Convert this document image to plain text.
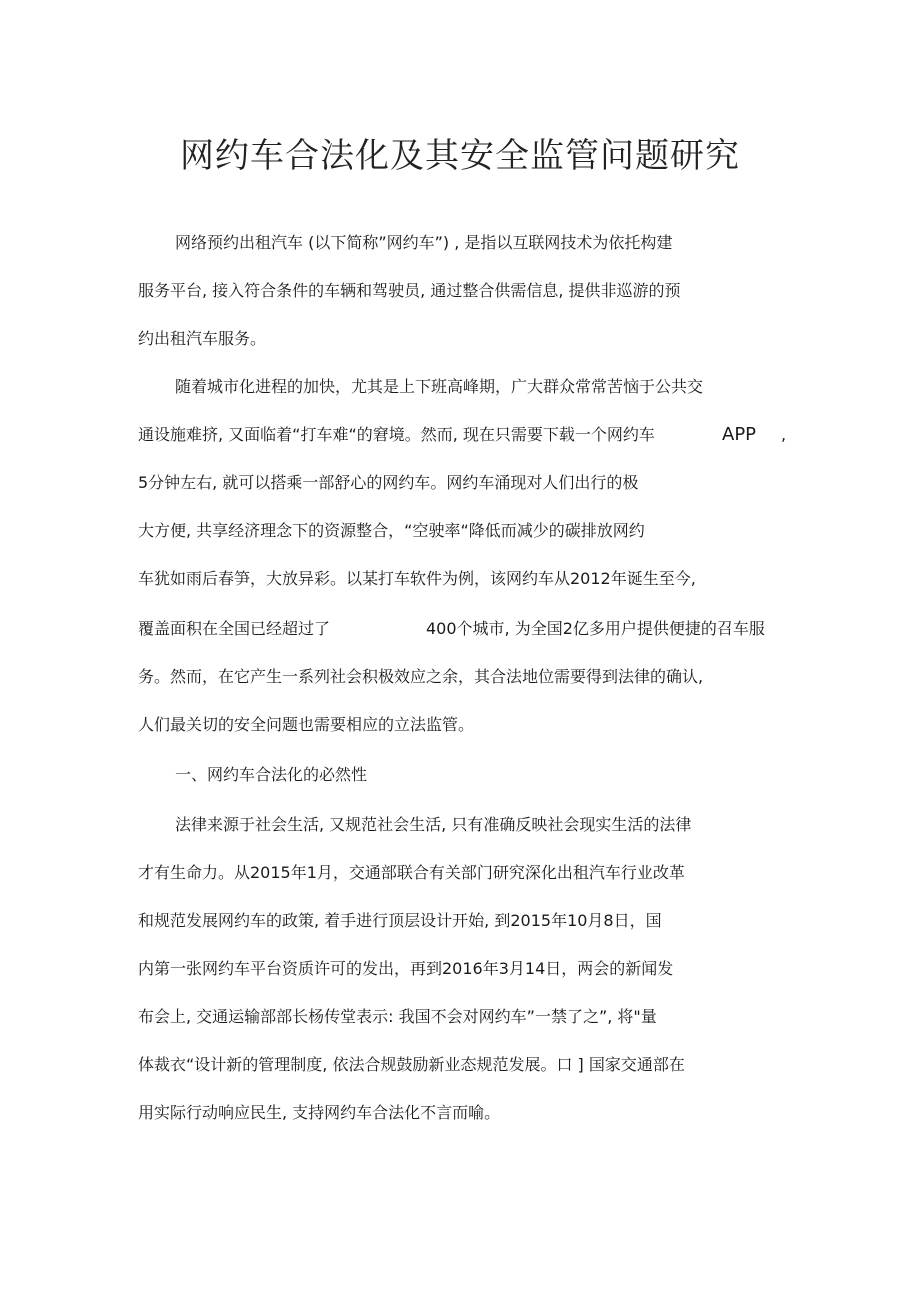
网约车合法化及其安全监管问题研究
网络预约出租汽车 (以下简称”网约车”) , 是指以互联网技术为依托构建
服务平台, 接入符合条件的车辆和驾驶员, 通过整合供需信息, 提供非巡游的预
约出租汽车服务。
随着城市化进程的加快，尤其是上下班高峰期，广大群众常常苦恼于公共交
通设施难挤, 又面临着“打车难“的窘境。然而, 现在只需要下载一个网约车	APP ,
5分钟左右, 就可以搭乘一部舒心的网约车。网约车涌现对人们出行的极
大方便, 共享经济理念下的资源整合，“空驶率“降低而减少的碳排放网约
车犹如雨后春笋，大放异彩。以某打车软件为例，该网约车从2012年诞生至今,
覆盖面积在全国已经超过了	400个城市, 为全国2亿多用户提供便捷的召车服
务。然而，在它产生一系列社会积极效应之余，其合法地位需要得到法律的确认,
人们最关切的安全问题也需要相应的立法监管。
一、网约车合法化的必然性
法律来源于社会生活, 又规范社会生活, 只有准确反映社会现实生活的法律
才有生命力。从2015年1月，交通部联合有关部门研究深化出租汽车行业改革
和规范发展网约车的政策, 着手进行顶层设计开始, 到2015年10月8日，国
内第一张网约车平台资质许可的发出，再到2016年3月14日，两会的新闻发
布会上, 交通运输部部长杨传堂表示: 我国不会对网约车”一禁了之”, 将"量
体裁衣“设计新的管理制度, 依法合规鼓励新业态规范发展。口 ] 国家交通部在
用实际行动响应民生, 支持网约车合法化不言而喻。
